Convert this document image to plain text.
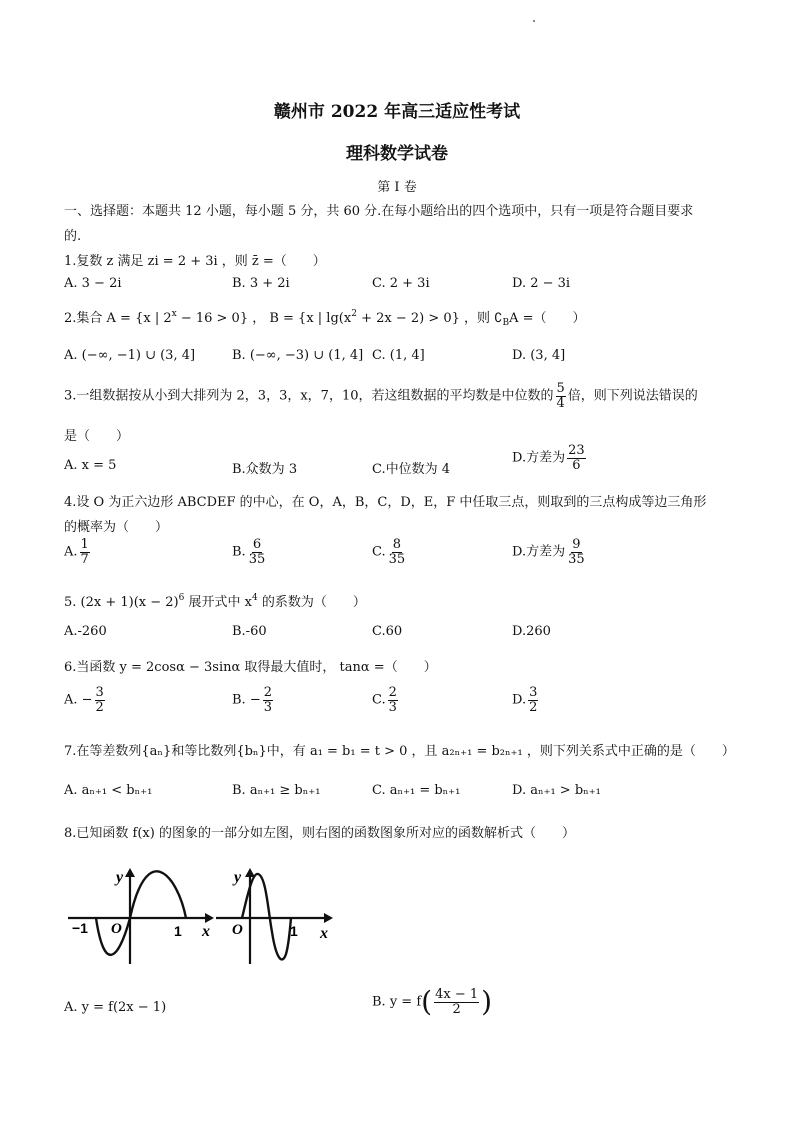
赣州市 2022 年高三适应性考试
理科数学试卷
第 I 卷
一、选择题：本题共 12 小题，每小题 5 分，共 60 分.在每小题给出的四个选项中，只有一项是符合题目要求
的.
1.复数 z 满足 zi = 2 + 3i ，则 z̄ =（　　）
A. 3 − 2i	B. 3 + 2i	C. 2 + 3i	D. 2 − 3i
2.集合 A = {x | $2^x - 16 > 0$} ， B = {x | $\lg(x^2 + 2x - 2) > 0$} ，则 $∁_BA$ =（　　）
A. (−∞, −1) ∪ (3, 4]	B. (−∞, −3) ∪ (1, 4] C. (1, 4]	D. (3, 4]
3.一组数据按从小到大排列为 2，3，3，x，7，10，若这组数据的平均数是中位数的 $\frac{5}{4}$ 倍，则下列说法错误的
是（　　）
A. x = 5	B.众数为 3	C.中位数为 4
D.方差为 $\frac{23}{6}$
4.设 O 为正六边形 ABCDEF 的中心，在 O，A，B，C，D，E，F 中任取三点，则取到的三点构成等边三角形
的概率为（　　）
A. $\frac{1}{7}$	B. $\frac{6}{35}$	C. $\frac{8}{35}$	D.方差为 $\frac{9}{35}$
5. $(2x + 1)(x - 2)^6$ 展开式中 $x^4$ 的系数为（　　）
A.-260	B.-60	C.60	D.260
6.当函数 y = 2cosα − 3sinα 取得最大值时， tanα =（　　）
A. − $\frac{3}{2}$	B. − $\frac{2}{3}$	C. $\frac{2}{3}$	D. $\frac{3}{2}$
7.在等差数列{aₙ}和等比数列{bₙ}中，有 a₁ = b₁ = t > 0 ，且 a₂ₙ₊₁ = b₂ₙ₊₁ ，则下列关系式中正确的是（　　）
A. aₙ₊₁ < bₙ₊₁	B. aₙ₊₁ ≥ bₙ₊₁	C. aₙ₊₁ = bₙ₊₁	D. aₙ₊₁ > bₙ₊₁
8.已知函数 f(x) 的图象的一部分如左图，则右图的函数图象所对应的函数解析式（　　）
−1 O	1 x
y
O	1 x
y
A. y = f(2x − 1)	B. $y = f( \frac{4x - 1}{2}$ )
